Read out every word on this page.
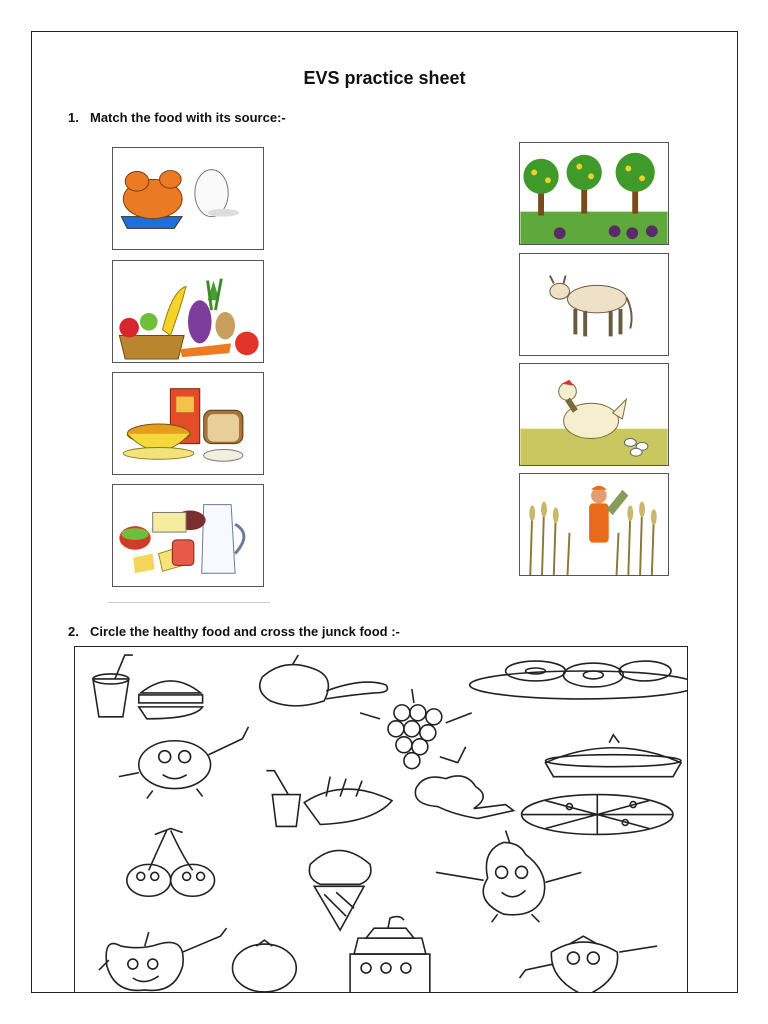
EVS practice sheet
1. Match the food with its source:-
2. Circle the healthy food and cross the junck food :-
